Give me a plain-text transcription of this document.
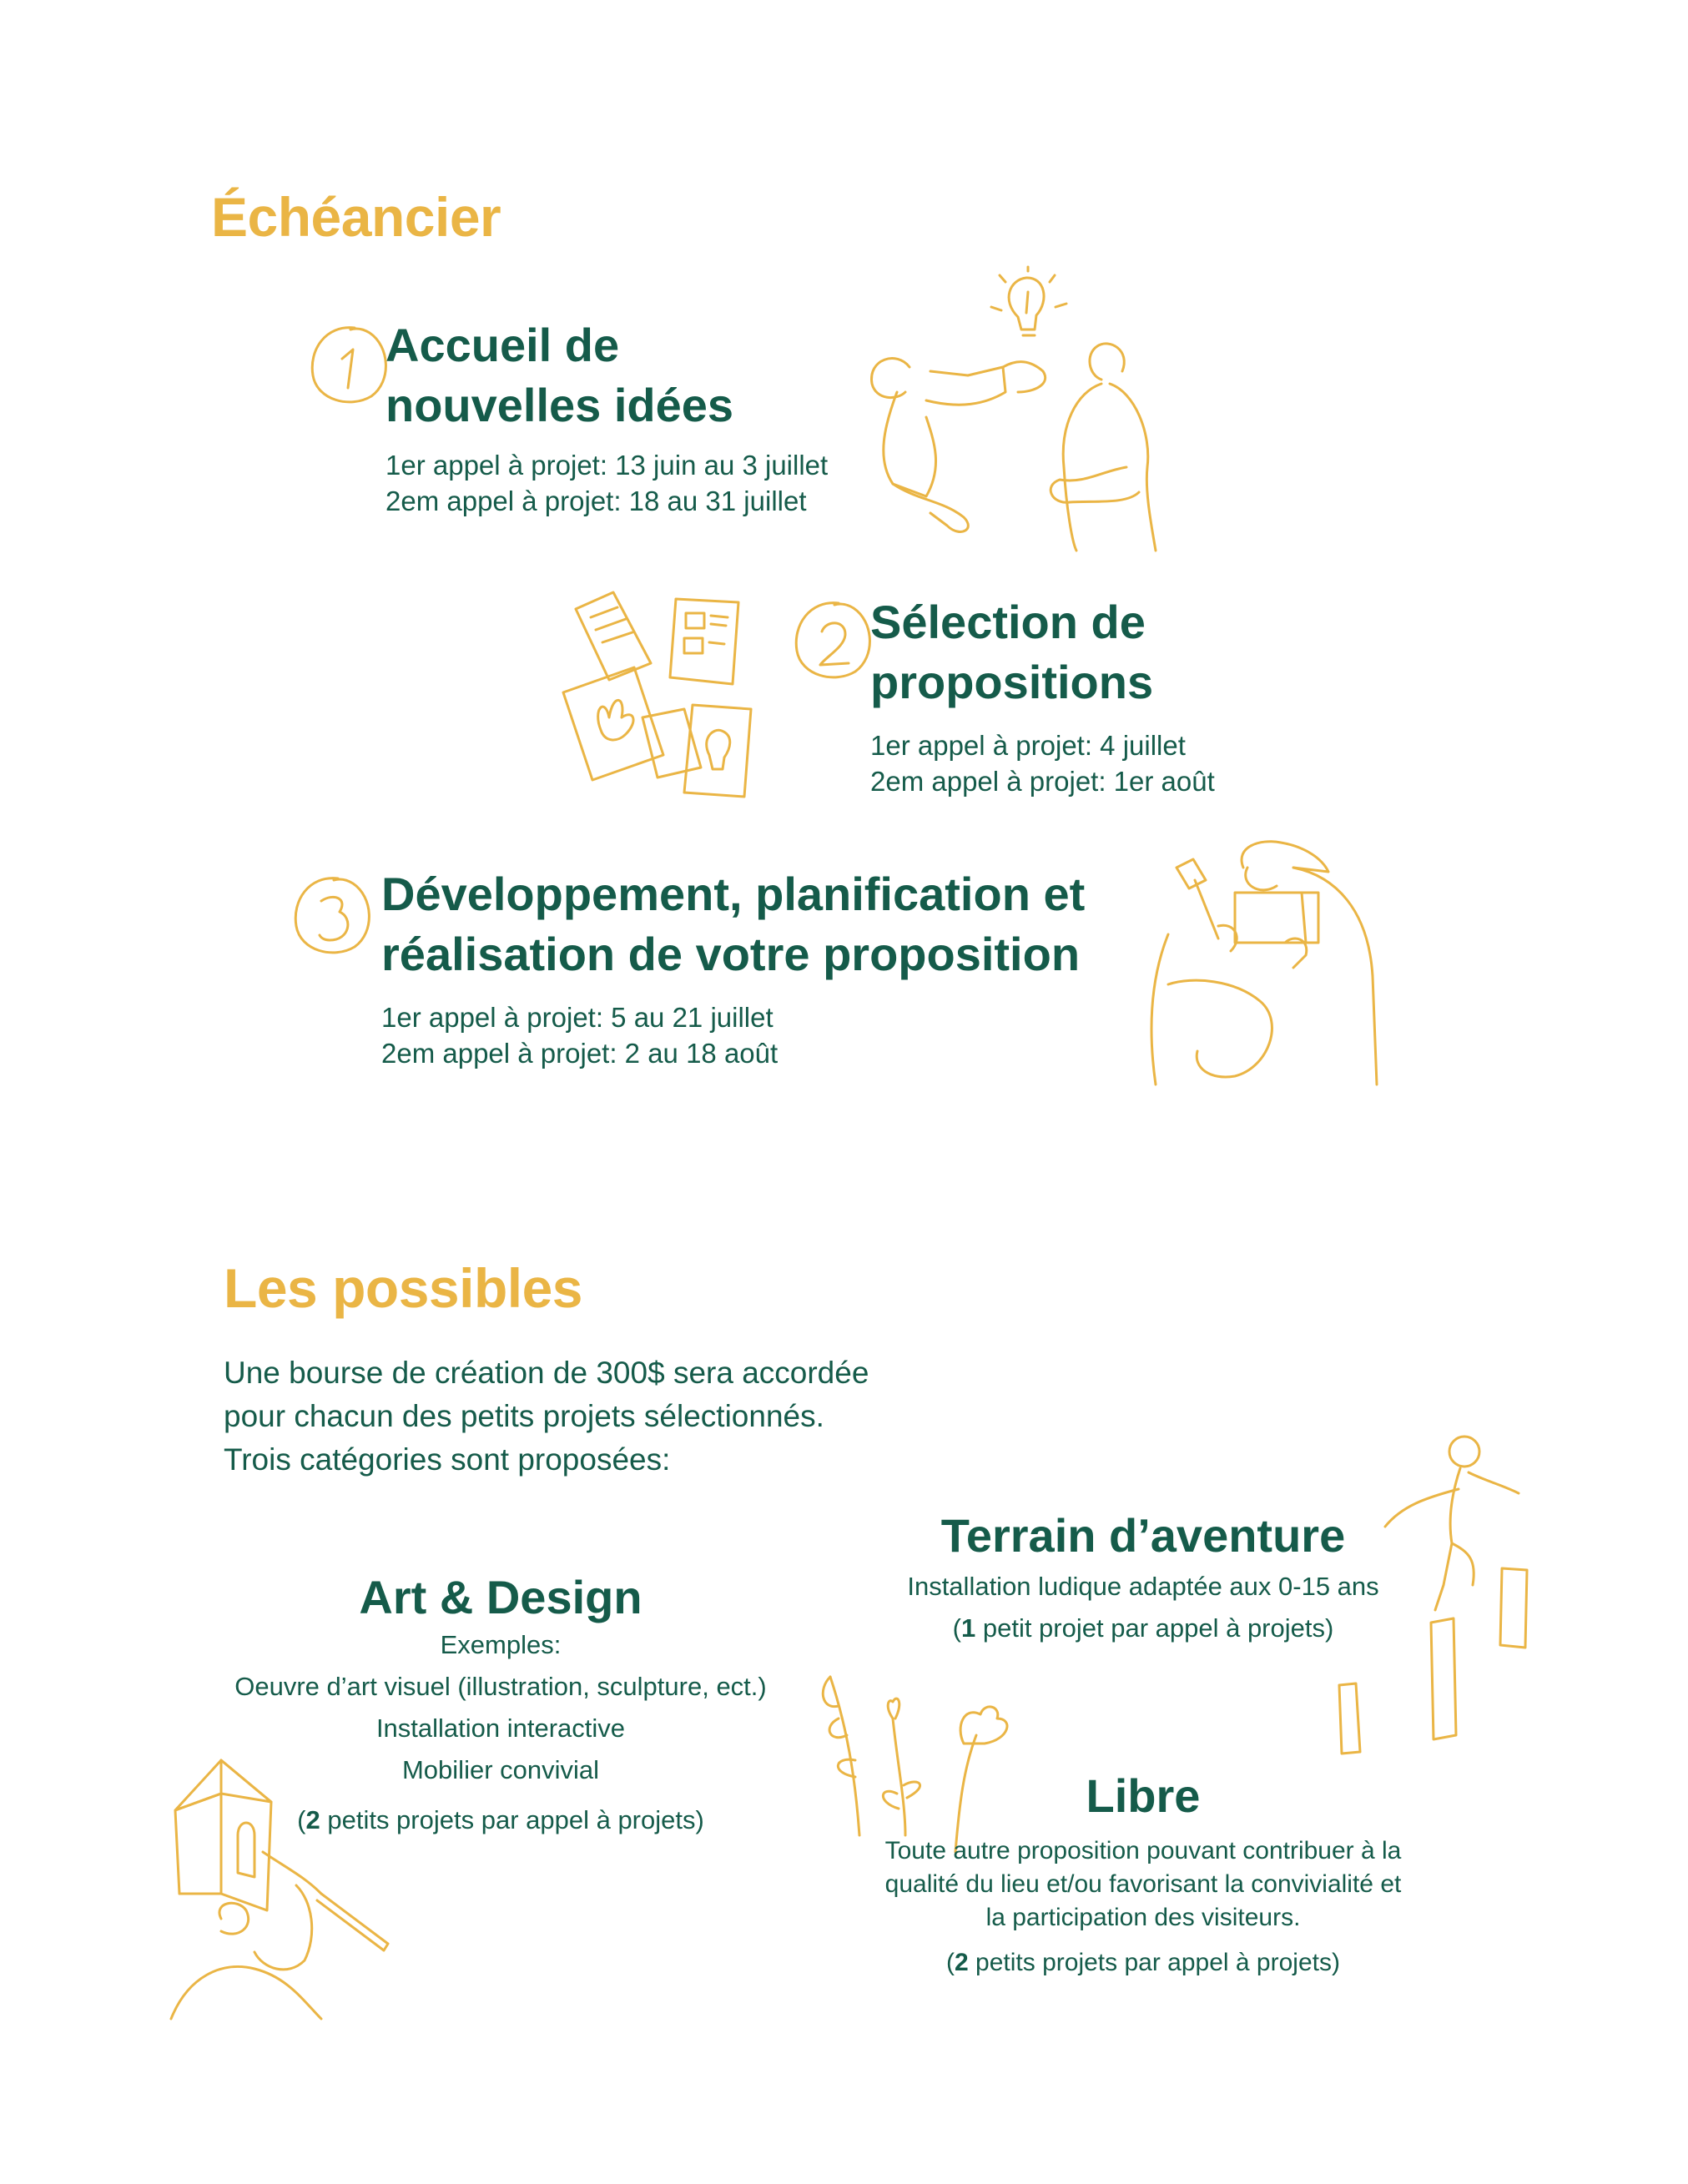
Échéancier
1
Accueil de
nouvelles idées
1er appel à projet: 13 juin au 3 juillet
2em appel à projet: 18 au 31 juillet
2
Sélection de
propositions
1er appel à projet: 4 juillet
2em appel à projet: 1er août
3 Développement, planification et
réalisation de votre proposition
1er appel à projet: 5 au 21 juillet
2em appel à projet: 2 au 18 août
Les possibles
Une bourse de création de 300$ sera accordée
pour chacun des petits projets sélectionnés.
Trois catégories sont proposées:
Terrain d’aventure
Installation ludique adaptée aux 0-15 ans
(1 petit projet par appel à projets)
Art & Design
Exemples:
Oeuvre d’art visuel (illustration, sculpture, ect.)
Installation interactive
Mobilier convivial
(2 petits projets par appel à projets)	Libre
Toute autre proposition pouvant contribuer à la
qualité du lieu et/ou favorisant la convivialité et
la participation des visiteurs.
(2 petits projets par appel à projets)
